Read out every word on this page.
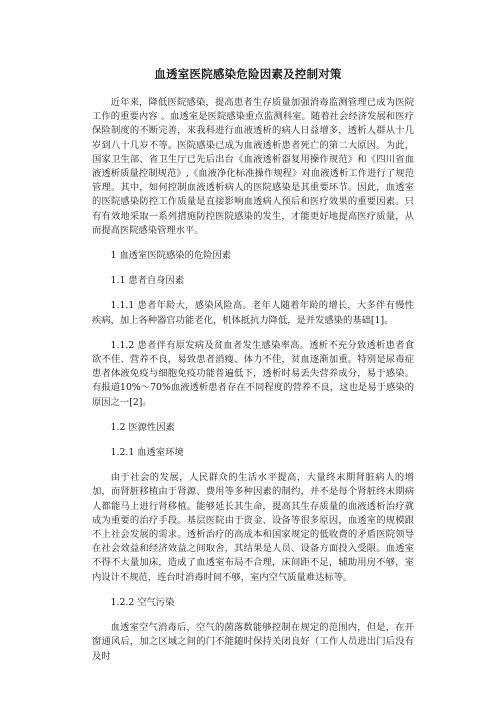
血透室医院感染危险因素及控制对策

近年来，降低医院感染，提高患者生存质量加强消毒监测管理已成为医院工作的重要内容 。血透室是医院感染重点监测科室。随着社会经济发展和医疗保险制度的不断完善，来我科进行血液透析的病人日益增多，透析人群从十几岁到八十几岁不等。医院感染已成为血液透析患者死亡的第二大原因。为此，国家卫生部、省卫生厅已先后出台《血液透析器复用操作规范》和《四川省血液透析质量控制规范》,《血液净化标准操作规程》对血液透析工作进行了规范管理。其中，如何控制血液透析病人的医院感染是其重要环节。因此，血透室的医院感染防控工作质量是直接影响血透病人预后和医疗效果的重要因素。只有有效地采取一系列措施防控医院感染的发生，才能更好地提高医疗质量，从而提高医院感染管理水平。

1 血透室医院感染的危险因素

1.1 患者自身因素

1.1.1 患者年龄大，感染风险高。老年人随着年龄的增长，大多伴有慢性疾病，加上各种器官功能老化，机体抵抗力降低，是并发感染的基础[1]。

1.1.2 患者伴有原发病及贫血者发生感染率高。透析不充分致透析患者食欲不佳、营养不良，易致患者消瘦、体力不佳，贫血逐渐加重。特别是尿毒症患者体液免疫与细胞免疫功能普遍低下，透析时易丢失营养成分，易于感染。有报道10%～70%血液透析患者存在不同程度的营养不良，这也是易于感染的原因之一[2]。

1.2 医源性因素

1.2.1 血透室环境

由于社会的发展，人民群众的生活水平提高，大量终末期肾脏病人的增加，而肾脏移植由于肾源、费用等多种因素的制约，并不是每个肾脏终末期病人都能马上进行肾移植。能够延长其生命，提高其生存质量的血液透析治疗就成为重要的治疗手段。基层医院由于资金、设备等很多原因，血透室的规模跟不上社会发展的需求。透析治疗的高成本和国家规定的低收费的矛盾医院领导在社会效益和经济效益之间取舍，其结果是人员、设备方面投入受限。血透室不得不大量加床，造成了血透室布局不合理，床间距不足，辅助用房不够，室内设计不规范，连台时消毒时间不够，室内空气质量难达标等。

1.2.2 空气污染

血透室空气消毒后，空气的菌落数能够控制在规定的范围内，但是，在开窗通风后，加之区域之间的门不能随时保持关闭良好（工作人员进出门后没有及时
